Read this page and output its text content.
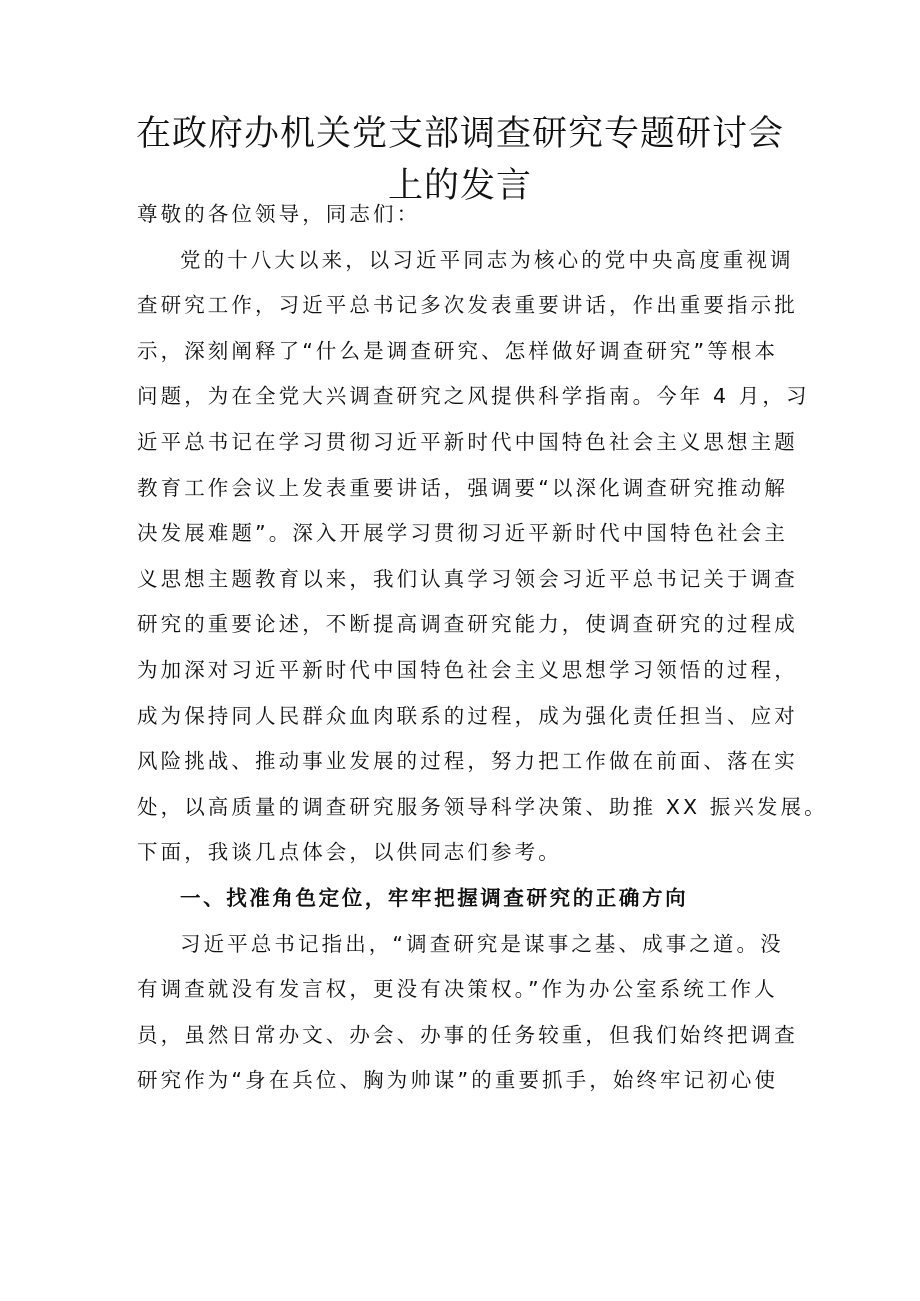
在政府办机关党支部调查研究专题研讨会
上的发言
尊敬的各位领导，同志们：
党的十八大以来，以习近平同志为核心的党中央高度重视调
查研究工作，习近平总书记多次发表重要讲话，作出重要指示批
示，深刻阐释了“什么是调查研究、怎样做好调查研究”等根本
问题，为在全党大兴调查研究之风提供科学指南。今年 4 月，习
近平总书记在学习贯彻习近平新时代中国特色社会主义思想主题
教育工作会议上发表重要讲话，强调要“以深化调查研究推动解
决发展难题”。深入开展学习贯彻习近平新时代中国特色社会主
义思想主题教育以来，我们认真学习领会习近平总书记关于调查
研究的重要论述，不断提高调查研究能力，使调查研究的过程成
为加深对习近平新时代中国特色社会主义思想学习领悟的过程，
成为保持同人民群众血肉联系的过程，成为强化责任担当、应对
风险挑战、推动事业发展的过程，努力把工作做在前面、落在实
处，以高质量的调查研究服务领导科学决策、助推 XX 振兴发展。
下面，我谈几点体会，以供同志们参考。
一、找准角色定位，牢牢把握调查研究的正确方向
习近平总书记指出，“调查研究是谋事之基、成事之道。没
有调查就没有发言权，更没有决策权。”作为办公室系统工作人
员，虽然日常办文、办会、办事的任务较重，但我们始终把调查
研究作为“身在兵位、胸为帅谋”的重要抓手，始终牢记初心使
